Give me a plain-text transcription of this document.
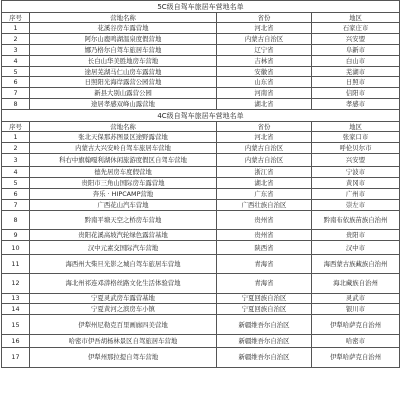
5C级自驾车旅居车营地名单			
序号	营地名称	省份	地区
1	花溪谷房车露营地	河北省	石家庄市
2	阿尔山鹿鸣湖温泉度假营地	内蒙古自治区	兴安盟
3	娜乃格尔自驾车旅居车营地	辽宁省	阜新市
4	长白山华美胜地房车营地	吉林省	白山市
5	途居芜湖马仁山房车露营地	安徽省	芜湖市
6	日照阳光海岸露营公园营地	山东省	日照市
7	新县大别山露营公园	河南省	信阳市
8	途居孝感双峰山露营地	湖北省	孝感市
4C级自驾车旅居车营地名单			
序号	营地名称	省份	地区
1	张北天保那苏图景区途野露营地	河北省	张家口市
2	内蒙古大兴安岭自驾车旅居车营地	内蒙古自治区	呼伦贝尔市
3	科右中旗翰嘎利湖休闲旅游度假区自驾车营地	内蒙古自治区	兴安盟
4	德先居房车度假营地	浙江省	宁波市
5	贵阳市三角山国际房车露营地	湖北省	黄冈市
6	奔乐 · HIPCAMP营地	广东省	广州市
7	广西花山汽车营地	广西壮族自治区	崇左市
8	黔南平塘天空之桥房车营地	贵州省	黔南布依族苗族自治州
9	贵阳花溪高坡汽轮绿色露营基地	贵州省	贵阳市
10	汉中元素交国际汽车营地	陕西省	汉中市
11	海西州大柴旦光影之城自驾车旅居车营地	青海省	海西蒙古族藏族自治州
12	海北州祁连邓漭格丝路文化生活体验营地	青海省	海北藏族自治州
13	宁夏灵武房车露营基地	宁夏回族自治区	灵武市
14	宁夏黄河之滨房车小镇	宁夏回族自治区	银川市
15	伊犁州尼勒克百里画廊四美营地	新疆维吾尔自治区	伊犁哈萨克自治州
16	哈密市伊吾胡杨林景区自驾旅居车营地	新疆维吾尔自治区	哈密市
17	伊犁州那拉提自驾车营地	新疆维吾尔自治区	伊犁哈萨克自治州
